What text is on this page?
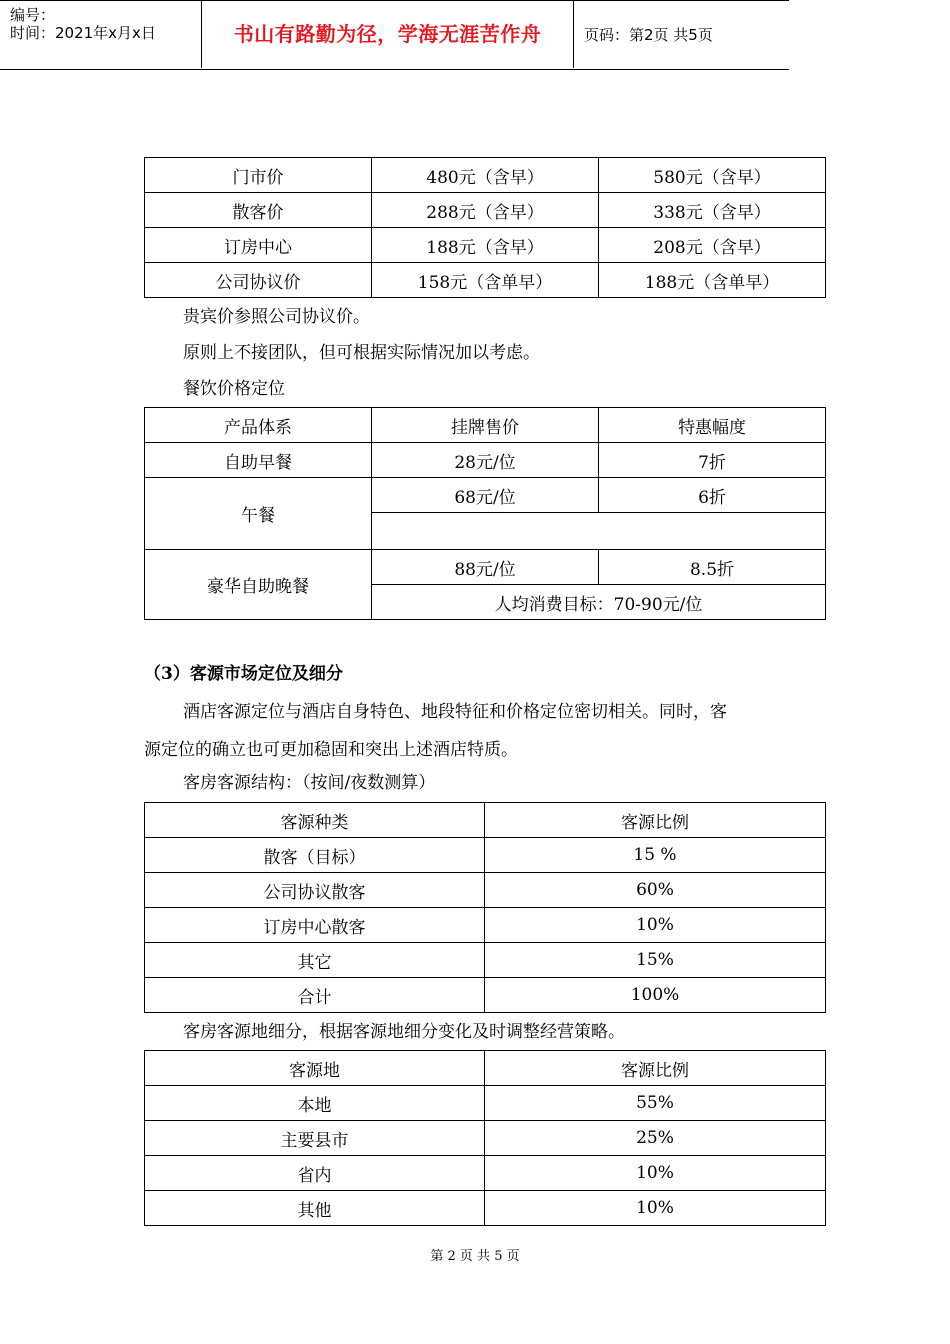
编号：
时间：2021年x月x日	书山有路勤为径，学海无涯苦作舟	页码：第2页 共5页
门市价	480元（含早）	580元（含早）
散客价	288元（含早）	338元（含早）
订房中心	188元（含早）	208元（含早）
公司协议价	158元（含单早）	188元（含单早）
贵宾价参照公司协议价。
原则上不接团队，但可根据实际情况加以考虑。
餐饮价格定位
产品体系	挂牌售价	特惠幅度
自助早餐	28元/位	7折
午餐	68元/位	6折

豪华自助晚餐	88元/位	8.5折
	人均消费目标：70-90元/位	
（3）客源市场定位及细分
酒店客源定位与酒店自身特色、地段特征和价格定位密切相关。同时，客
源定位的确立也可更加稳固和突出上述酒店特质。
客房客源结构：（按间/夜数测算）
客源种类	客源比例
散客（目标）	15 %
公司协议散客	60%
订房中心散客	10%
其它	15%
合计	100%
客房客源地细分，根据客源地细分变化及时调整经营策略。
客源地	客源比例
本地	55%
主要县市	25%
省内	10%
其他	10%
第 2 页 共 5 页
